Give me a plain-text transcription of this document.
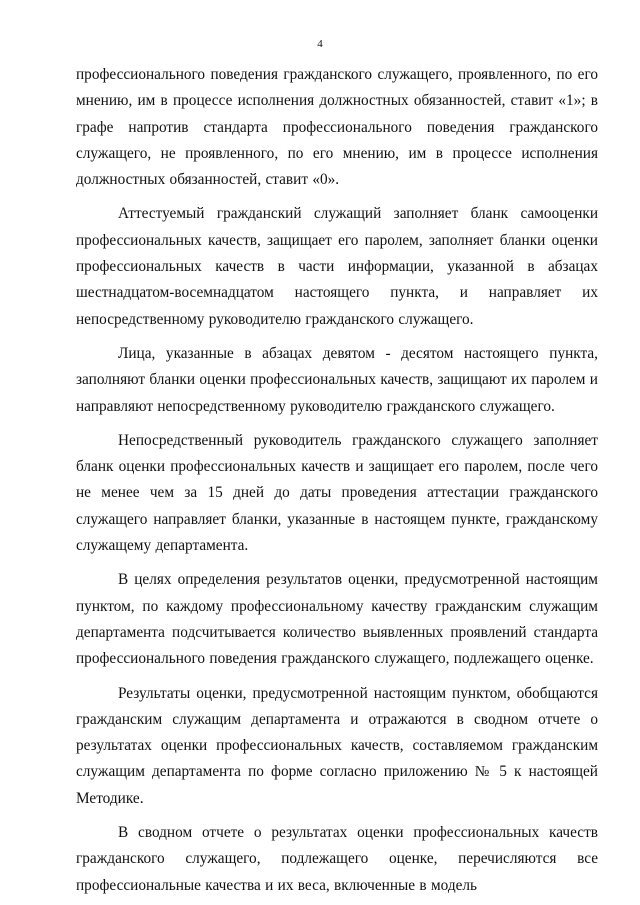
4

профессионального поведения гражданского служащего, проявленного, по его мнению, им в процессе исполнения должностных обязанностей, ставит «1»; в графе напротив стандарта профессионального поведения гражданского служащего, не проявленного, по его мнению, им в процессе исполнения должностных обязанностей, ставит «0».

Аттестуемый гражданский служащий заполняет бланк самооценки профессиональных качеств, защищает его паролем, заполняет бланки оценки профессиональных качеств в части информации, указанной в абзацах шестнадцатом-восемнадцатом настоящего пункта, и направляет их непосредственному руководителю гражданского служащего.

Лица, указанные в абзацах девятом - десятом настоящего пункта, заполняют бланки оценки профессиональных качеств, защищают их паролем и направляют непосредственному руководителю гражданского служащего.

Непосредственный руководитель гражданского служащего заполняет бланк оценки профессиональных качеств и защищает его паролем, после чего не менее чем за 15 дней до даты проведения аттестации гражданского служащего направляет бланки, указанные в настоящем пункте, гражданскому служащему департамента.

В целях определения результатов оценки, предусмотренной настоящим пунктом, по каждому профессиональному качеству гражданским служащим департамента подсчитывается количество выявленных проявлений стандарта профессионального поведения гражданского служащего, подлежащего оценке.

Результаты оценки, предусмотренной настоящим пунктом, обобщаются гражданским служащим департамента и отражаются в сводном отчете о результатах оценки профессиональных качеств, составляемом гражданским служащим департамента по форме согласно приложению № 5 к настоящей Методике.

В сводном отчете о результатах оценки профессиональных качеств гражданского служащего, подлежащего оценке, перечисляются все профессиональные качества и их веса, включенные в модель
